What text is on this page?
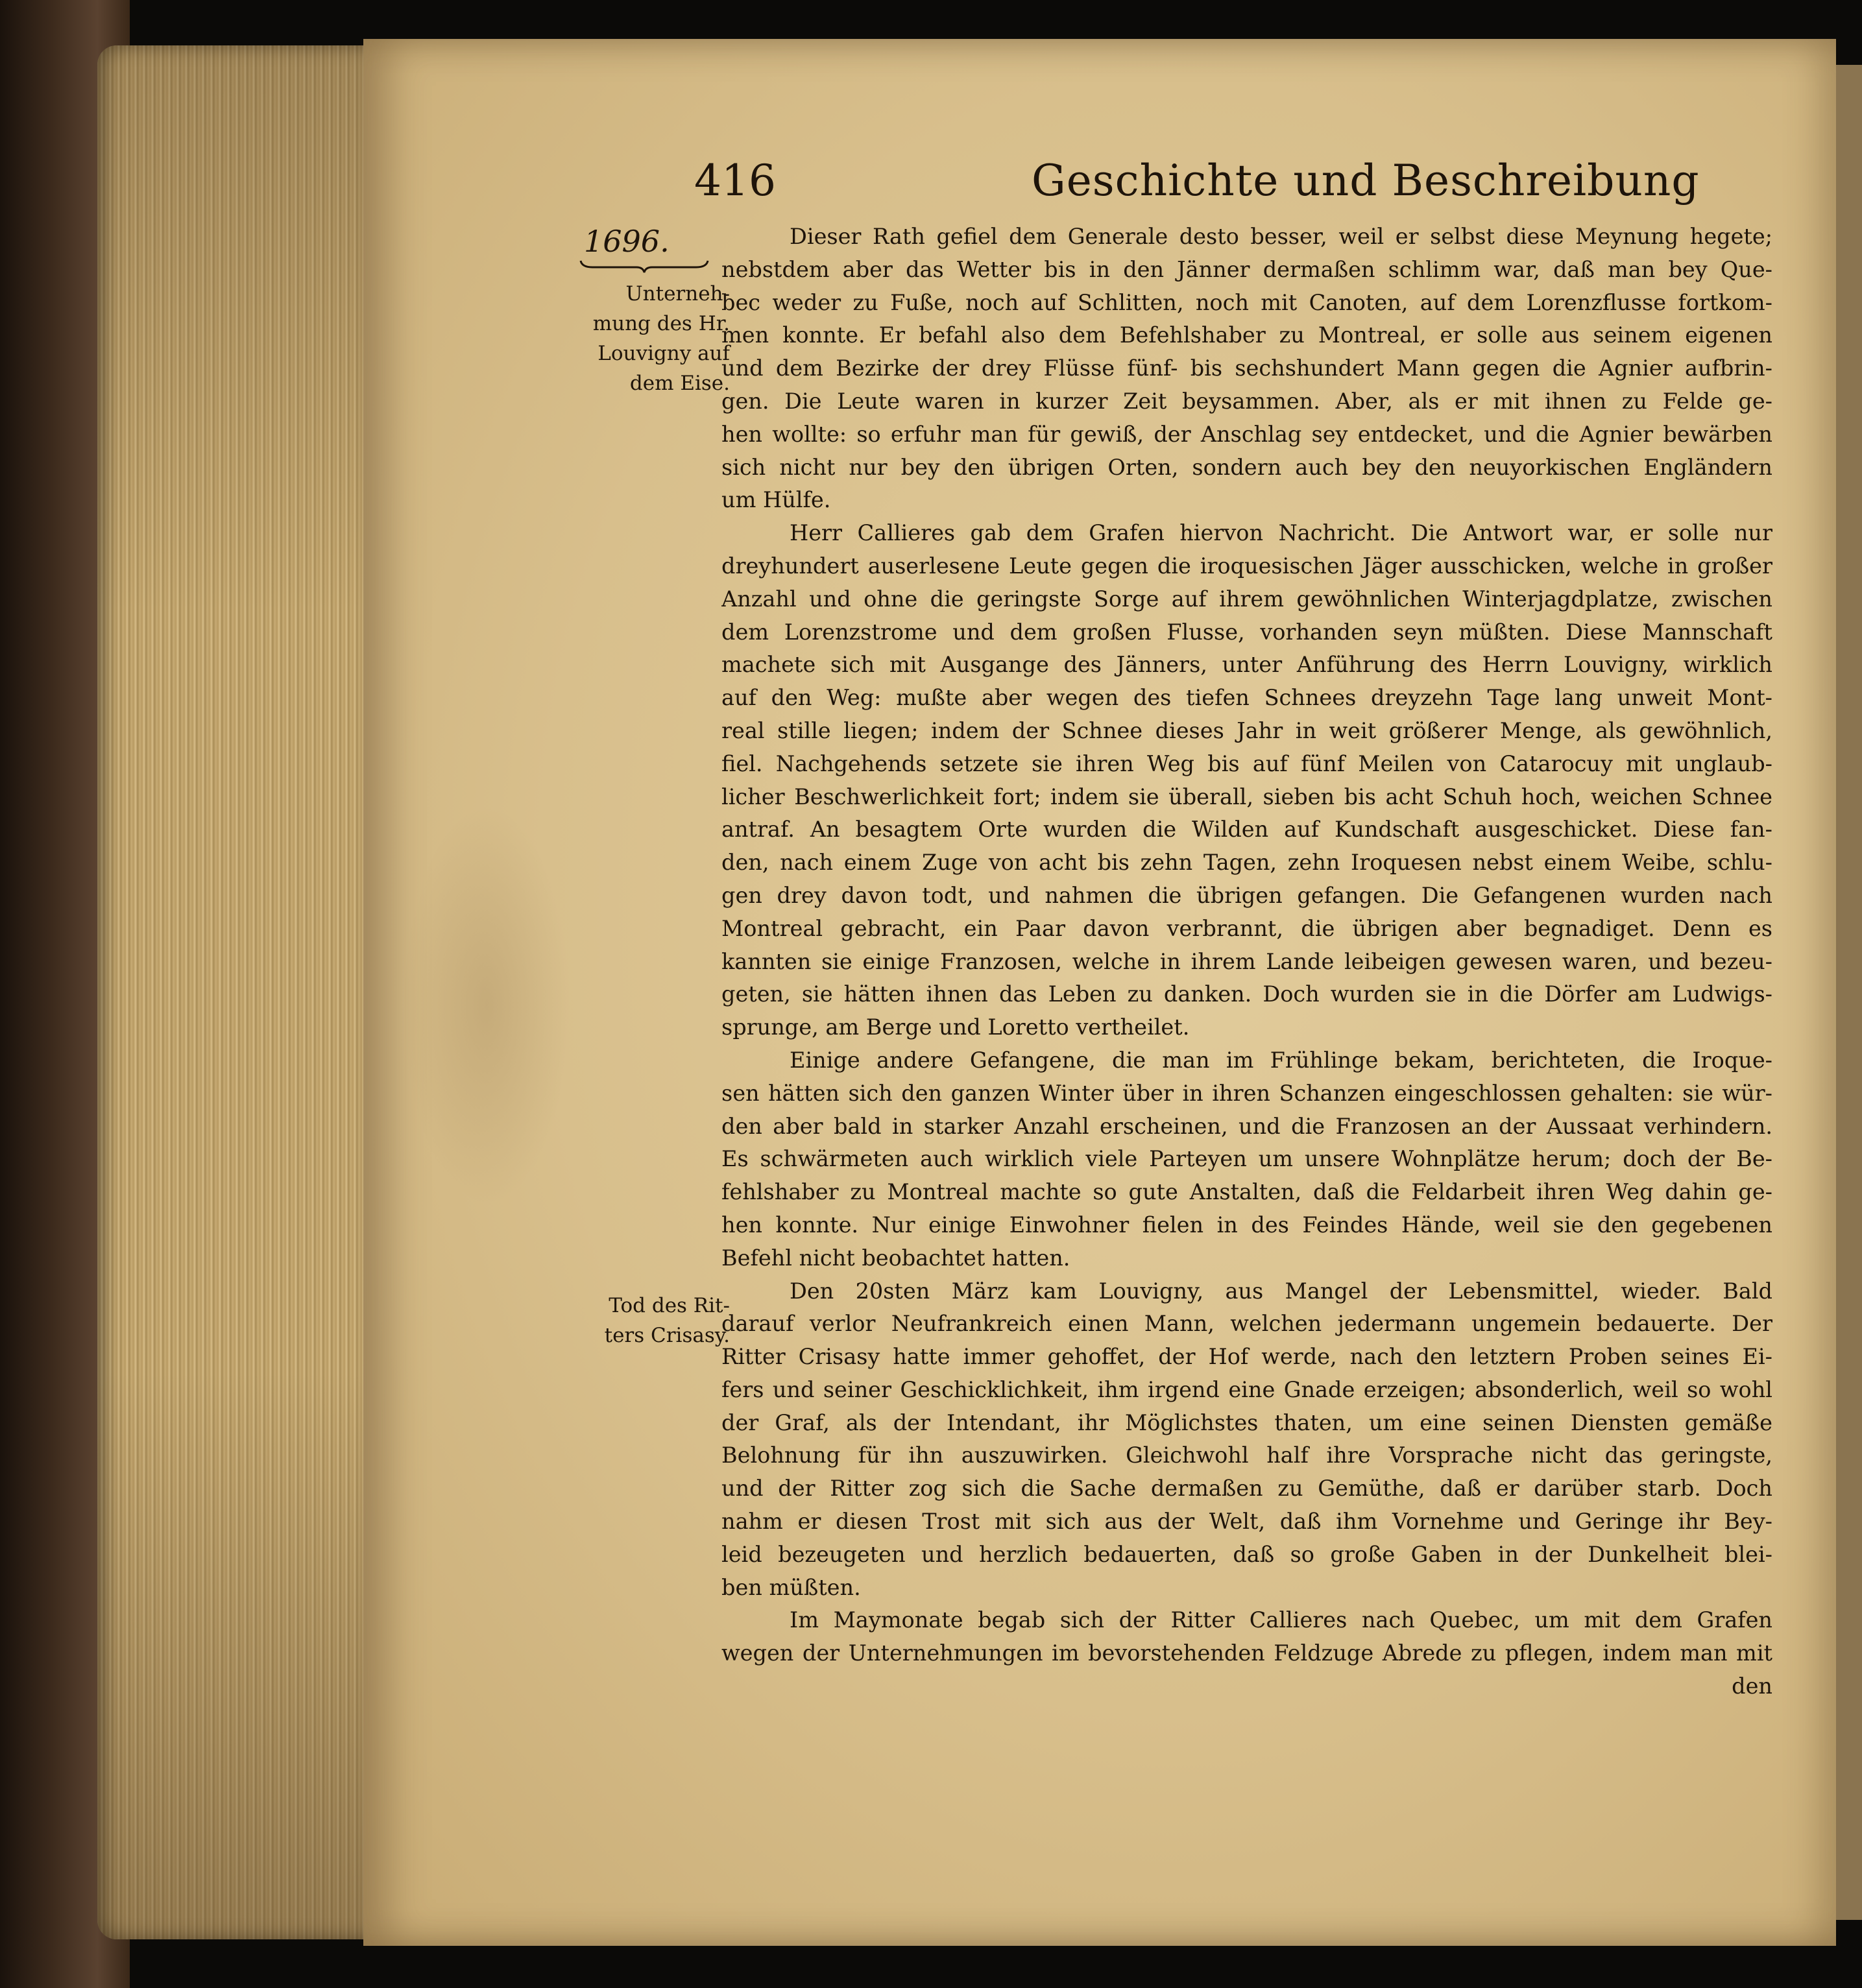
416	Geschichte und Beschreibung
1696.
Unterneh-
mung des Hr.
Louvigny auf
dem Eise.
Tod des Rit-
ters Crisasy.
Dieser Rath gefiel dem Generale desto besser, weil er selbst diese Meynung hegete;
nebstdem aber das Wetter bis in den Jänner dermaßen schlimm war, daß man bey Que-
bec weder zu Fuße, noch auf Schlitten, noch mit Canoten, auf dem Lorenzflusse fortkom-
men konnte. Er befahl also dem Befehlshaber zu Montreal, er solle aus seinem eigenen
und dem Bezirke der drey Flüsse fünf- bis sechshundert Mann gegen die Agnier aufbrin-
gen. Die Leute waren in kurzer Zeit beysammen. Aber, als er mit ihnen zu Felde ge-
hen wollte: so erfuhr man für gewiß, der Anschlag sey entdecket, und die Agnier bewärben
sich nicht nur bey den übrigen Orten, sondern auch bey den neuyorkischen Engländern
um Hülfe.
Herr Callieres gab dem Grafen hiervon Nachricht. Die Antwort war, er solle nur
dreyhundert auserlesene Leute gegen die iroquesischen Jäger ausschicken, welche in großer
Anzahl und ohne die geringste Sorge auf ihrem gewöhnlichen Winterjagdplatze, zwischen
dem Lorenzstrome und dem großen Flusse, vorhanden seyn müßten. Diese Mannschaft
machete sich mit Ausgange des Jänners, unter Anführung des Herrn Louvigny, wirklich
auf den Weg: mußte aber wegen des tiefen Schnees dreyzehn Tage lang unweit Mont-
real stille liegen; indem der Schnee dieses Jahr in weit größerer Menge, als gewöhnlich,
fiel. Nachgehends setzete sie ihren Weg bis auf fünf Meilen von Catarocuy mit unglaub-
licher Beschwerlichkeit fort; indem sie überall, sieben bis acht Schuh hoch, weichen Schnee
antraf. An besagtem Orte wurden die Wilden auf Kundschaft ausgeschicket. Diese fan-
den, nach einem Zuge von acht bis zehn Tagen, zehn Iroquesen nebst einem Weibe, schlu-
gen drey davon todt, und nahmen die übrigen gefangen. Die Gefangenen wurden nach
Montreal gebracht, ein Paar davon verbrannt, die übrigen aber begnadiget. Denn es
kannten sie einige Franzosen, welche in ihrem Lande leibeigen gewesen waren, und bezeu-
geten, sie hätten ihnen das Leben zu danken. Doch wurden sie in die Dörfer am Ludwigs-
sprunge, am Berge und Loretto vertheilet.
Einige andere Gefangene, die man im Frühlinge bekam, berichteten, die Iroque-
sen hätten sich den ganzen Winter über in ihren Schanzen eingeschlossen gehalten: sie wür-
den aber bald in starker Anzahl erscheinen, und die Franzosen an der Aussaat verhindern.
Es schwärmeten auch wirklich viele Parteyen um unsere Wohnplätze herum; doch der Be-
fehlshaber zu Montreal machte so gute Anstalten, daß die Feldarbeit ihren Weg dahin ge-
hen konnte. Nur einige Einwohner fielen in des Feindes Hände, weil sie den gegebenen
Befehl nicht beobachtet hatten.
Den 20sten März kam Louvigny, aus Mangel der Lebensmittel, wieder. Bald
darauf verlor Neufrankreich einen Mann, welchen jedermann ungemein bedauerte. Der
Ritter Crisasy hatte immer gehoffet, der Hof werde, nach den letztern Proben seines Ei-
fers und seiner Geschicklichkeit, ihm irgend eine Gnade erzeigen; absonderlich, weil so wohl
der Graf, als der Intendant, ihr Möglichstes thaten, um eine seinen Diensten gemäße
Belohnung für ihn auszuwirken. Gleichwohl half ihre Vorsprache nicht das geringste,
und der Ritter zog sich die Sache dermaßen zu Gemüthe, daß er darüber starb. Doch
nahm er diesen Trost mit sich aus der Welt, daß ihm Vornehme und Geringe ihr Bey-
leid bezeugeten und herzlich bedauerten, daß so große Gaben in der Dunkelheit blei-
ben müßten.
Im Maymonate begab sich der Ritter Callieres nach Quebec, um mit dem Grafen
wegen der Unternehmungen im bevorstehenden Feldzuge Abrede zu pflegen, indem man mit
den
